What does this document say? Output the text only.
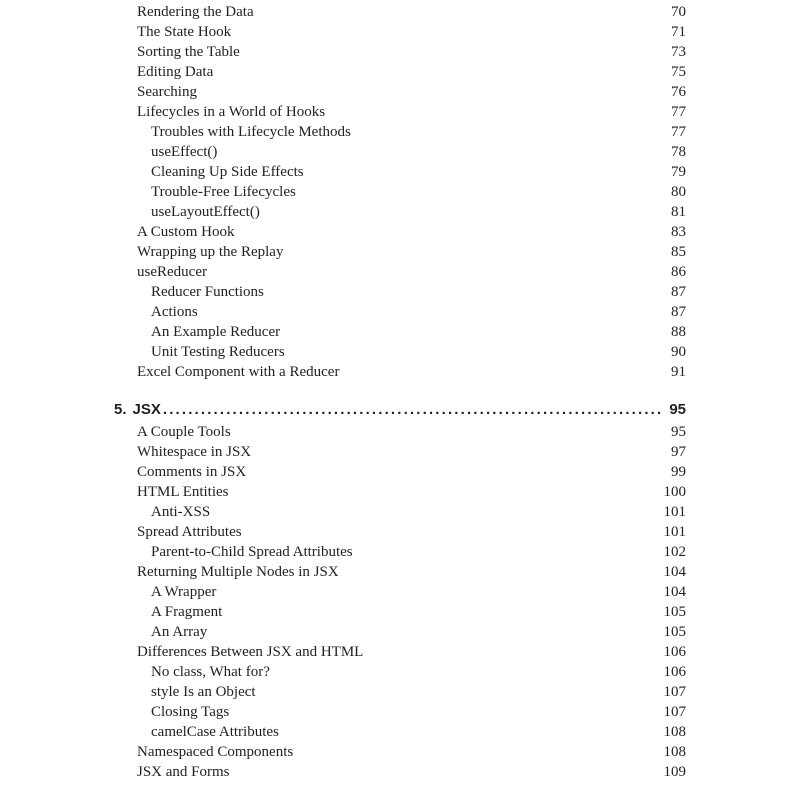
Rendering the Data	70
The State Hook	71
Sorting the Table	73
Editing Data	75
Searching	76
Lifecycles in a World of Hooks	77
Troubles with Lifecycle Methods	77
useEffect()	78
Cleaning Up Side Effects	79
Trouble-Free Lifecycles	80
useLayoutEffect()	81
A Custom Hook	83
Wrapping up the Replay	85
useReducer	86
Reducer Functions	87
Actions	87
An Example Reducer	88
Unit Testing Reducers	90
Excel Component with a Reducer	91
5. JSX . . .	95
A Couple Tools	95
Whitespace in JSX	97
Comments in JSX	99
HTML Entities	100
Anti-XSS	101
Spread Attributes	101
Parent-to-Child Spread Attributes	102
Returning Multiple Nodes in JSX	104
A Wrapper	104
A Fragment	105
An Array	105
Differences Between JSX and HTML	106
No class, What for?	106
style Is an Object	107
Closing Tags	107
camelCase Attributes	108
Namespaced Components	108
JSX and Forms	109
